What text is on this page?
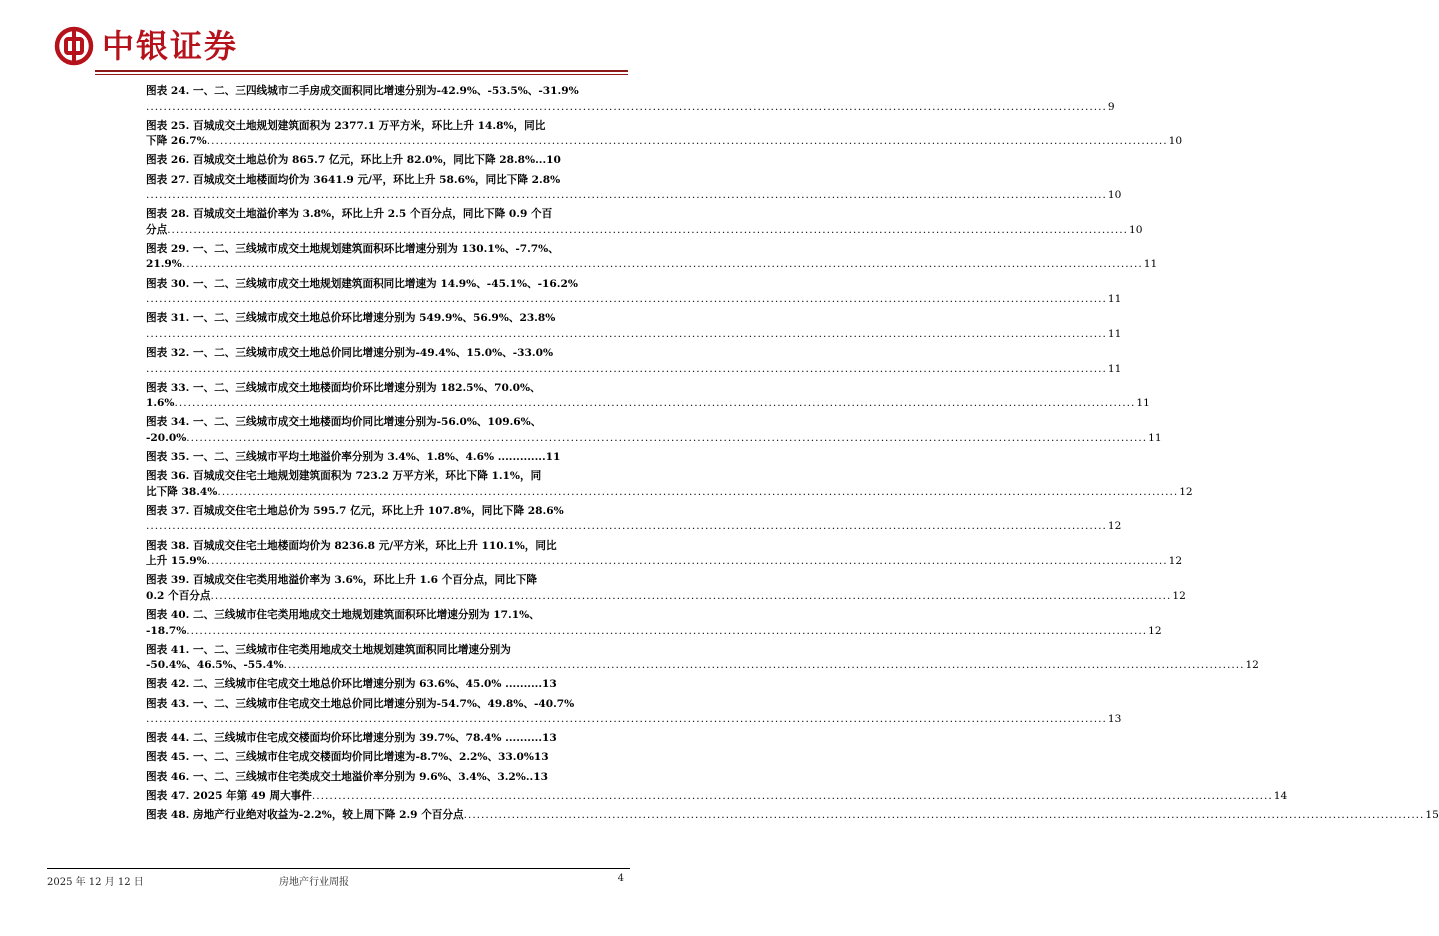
中银证券
图表 24. 一、二、三四线城市二手房成交面积同比增速分别为-42.9%、-53.5%、-31.9%
............................................................................................................................................................................................................................ 9
图表 25. 百城成交土地规划建筑面积为 2377.1 万平方米，环比上升 14.8%，同比
下降 26.7% ............................................................................................................................................................................................................................ 10
图表 26. 百城成交土地总价为 865.7 亿元，环比上升 82.0%，同比下降 28.8%...10
图表 27. 百城成交土地楼面均价为 3641.9 元/平，环比上升 58.6%，同比下降 2.8%
............................................................................................................................................................................................................................ 10
图表 28. 百城成交土地溢价率为 3.8%，环比上升 2.5 个百分点，同比下降 0.9 个百
分点 ............................................................................................................................................................................................................................ 10
图表 29. 一、二、三线城市成交土地规划建筑面积环比增速分别为 130.1%、-7.7%、
21.9% ............................................................................................................................................................................................................................ 11
图表 30. 一、二、三线城市成交土地规划建筑面积同比增速为 14.9%、-45.1%、-16.2%
............................................................................................................................................................................................................................ 11
图表 31. 一、二、三线城市成交土地总价环比增速分别为 549.9%、56.9%、23.8%
............................................................................................................................................................................................................................ 11
图表 32. 一、二、三线城市成交土地总价同比增速分别为-49.4%、15.0%、-33.0%
............................................................................................................................................................................................................................ 11
图表 33. 一、二、三线城市成交土地楼面均价环比增速分别为 182.5%、70.0%、
1.6% ............................................................................................................................................................................................................................ 11
图表 34. 一、二、三线城市成交土地楼面均价同比增速分别为-56.0%、109.6%、
-20.0% ............................................................................................................................................................................................................................ 11
图表 35. 一、二、三线城市平均土地溢价率分别为 3.4%、1.8%、4.6% .............11
图表 36. 百城成交住宅土地规划建筑面积为 723.2 万平方米，环比下降 1.1%，同
比下降 38.4% ............................................................................................................................................................................................................................ 12
图表 37. 百城成交住宅土地总价为 595.7 亿元，环比上升 107.8%，同比下降 28.6%
............................................................................................................................................................................................................................ 12
图表 38. 百城成交住宅土地楼面均价为 8236.8 元/平方米，环比上升 110.1%，同比
上升 15.9% ............................................................................................................................................................................................................................ 12
图表 39. 百城成交住宅类用地溢价率为 3.6%，环比上升 1.6 个百分点，同比下降
0.2 个百分点 ............................................................................................................................................................................................................................ 12
图表 40. 二、三线城市住宅类用地成交土地规划建筑面积环比增速分别为 17.1%、
-18.7% ............................................................................................................................................................................................................................ 12
图表 41. 一、二、三线城市住宅类用地成交土地规划建筑面积同比增速分别为
-50.4%、46.5%、-55.4% ............................................................................................................................................................................................................................ 12
图表 42. 二、三线城市住宅成交土地总价环比增速分别为 63.6%、45.0% ..........13
图表 43. 一、二、三线城市住宅成交土地总价同比增速分别为-54.7%、49.8%、-40.7%
............................................................................................................................................................................................................................ 13
图表 44. 二、三线城市住宅成交楼面均价环比增速分别为 39.7%、78.4% ..........13
图表 45. 一、二、三线城市住宅成交楼面均价同比增速为-8.7%、2.2%、33.0%13
图表 46. 一、二、三线城市住宅类成交土地溢价率分别为 9.6%、3.4%、3.2%..13
图表 47. 2025 年第 49 周大事件 ............................................................................................................................................................................................................................ 14
图表 48. 房地产行业绝对收益为-2.2%，较上周下降 2.9 个百分点 ............................................................................................................................................................................................................................ 15
2025 年 12 月 12 日	房地产行业周报	4
